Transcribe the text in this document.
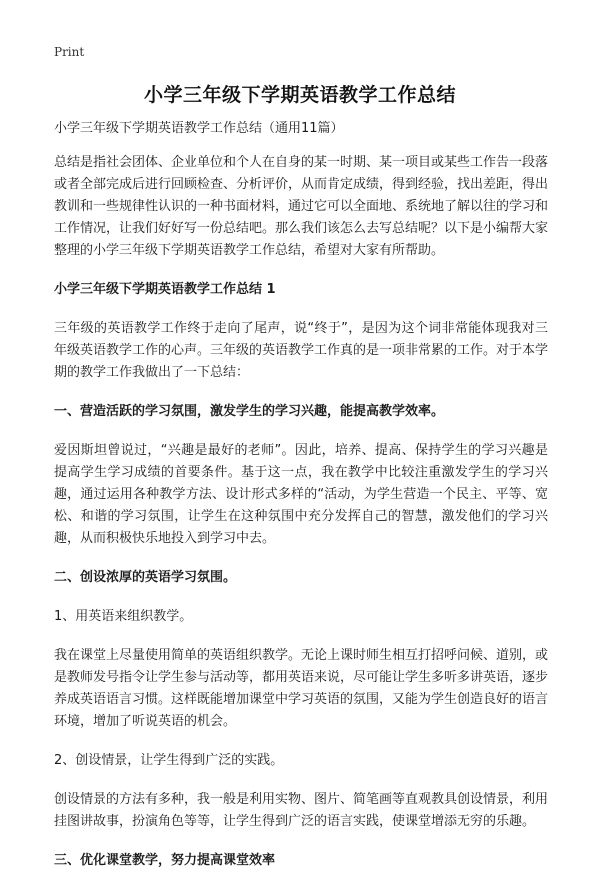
Print
小学三年级下学期英语教学工作总结

小学三年级下学期英语教学工作总结（通用11篇）

总结是指社会团体、企业单位和个人在自身的某一时期、某一项目或某些工作告一段落或者全部完成后进行回顾检查、分析评价，从而肯定成绩，得到经验，找出差距，得出教训和一些规律性认识的一种书面材料，通过它可以全面地、系统地了解以往的学习和工作情况，让我们好好写一份总结吧。那么我们该怎么去写总结呢？以下是小编帮大家整理的小学三年级下学期英语教学工作总结，希望对大家有所帮助。

小学三年级下学期英语教学工作总结 1

三年级的英语教学工作终于走向了尾声，说“终于”，是因为这个词非常能体现我对三年级英语教学工作的心声。三年级的英语教学工作真的是一项非常累的工作。对于本学期的教学工作我做出了一下总结：

一、营造活跃的学习氛围，激发学生的学习兴趣，能提高教学效率。

爱因斯坦曾说过，“兴趣是最好的老师”。因此，培养、提高、保持学生的学习兴趣是提高学生学习成绩的首要条件。基于这一点，我在教学中比较注重激发学生的学习兴趣，通过运用各种教学方法、设计形式多样的“活动，为学生营造一个民主、平等、宽松、和谐的学习氛围，让学生在这种氛围中充分发挥自己的智慧，激发他们的学习兴趣，从而积极快乐地投入到学习中去。

二、创设浓厚的英语学习氛围。

1、用英语来组织教学。

我在课堂上尽量使用简单的英语组织教学。无论上课时师生相互打招呼问候、道别，或是教师发号指令让学生参与活动等，都用英语来说，尽可能让学生多听多讲英语，逐步养成英语语言习惯。这样既能增加课堂中学习英语的氛围，又能为学生创造良好的语言环境，增加了听说英语的机会。

2、创设情景，让学生得到广泛的实践。

创设情景的方法有多种，我一般是利用实物、图片、简笔画等直观教具创设情景，利用挂图讲故事，扮演角色等等，让学生得到广泛的语言实践，使课堂增添无穷的乐趣。

三、优化课堂教学，努力提高课堂效率
